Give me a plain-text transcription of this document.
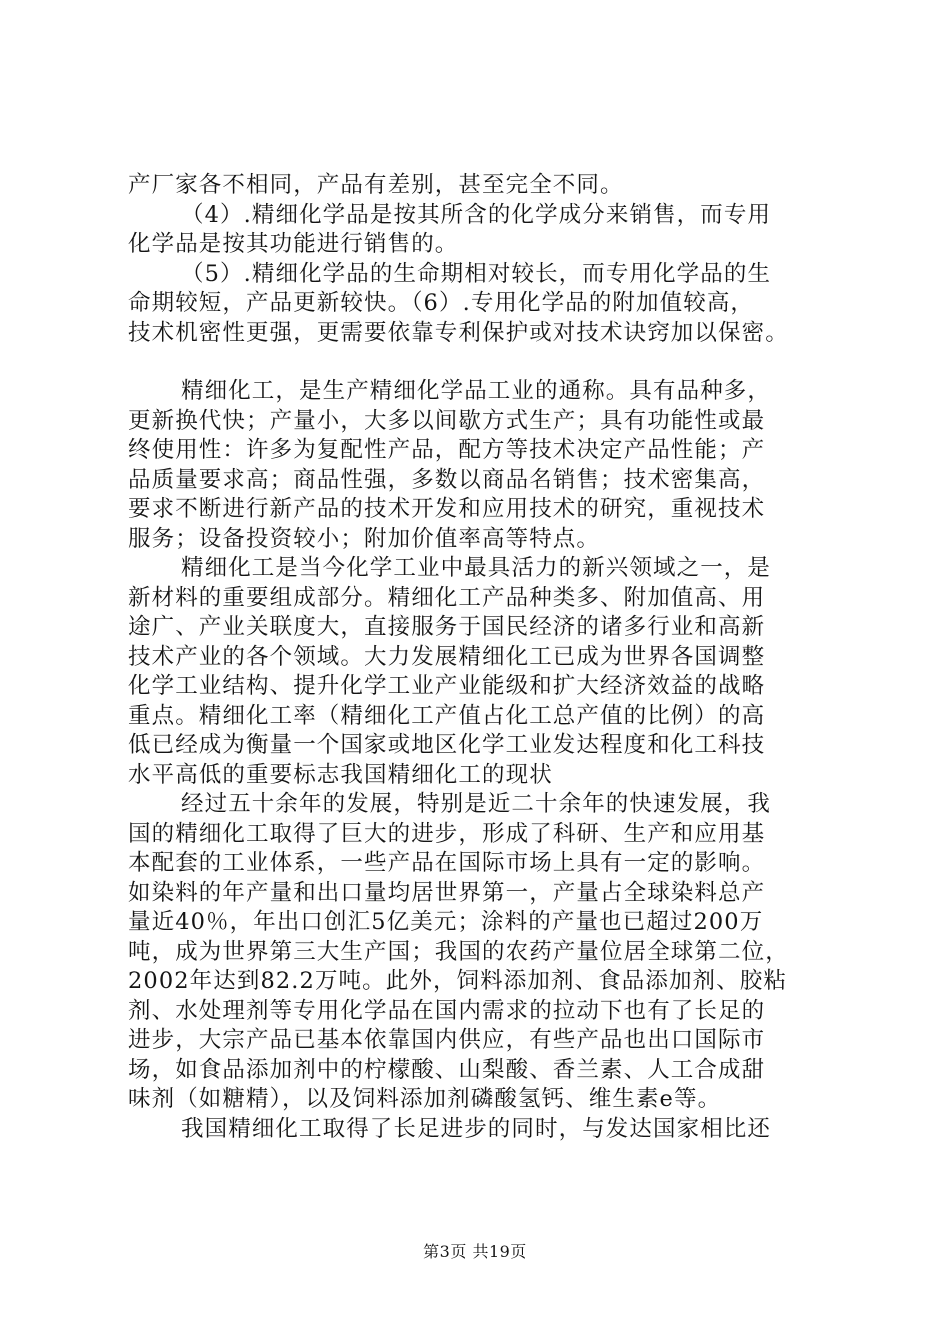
产厂家各不相同，产品有差别，甚至完全不同。
（4）.精细化学品是按其所含的化学成分来销售，而专用
化学品是按其功能进行销售的。
（5）.精细化学品的生命期相对较长，而专用化学品的生
命期较短，产品更新较快。（6）.专用化学品的附加值较高，
技术机密性更强，更需要依靠专利保护或对技术诀窍加以保密。
精细化工，是生产精细化学品工业的通称。具有品种多，
更新换代快；产量小，大多以间歇方式生产；具有功能性或最
终使用性：许多为复配性产品，配方等技术决定产品性能；产
品质量要求高；商品性强，多数以商品名销售；技术密集高，
要求不断进行新产品的技术开发和应用技术的研究，重视技术
服务；设备投资较小；附加价值率高等特点。
精细化工是当今化学工业中最具活力的新兴领域之一，是
新材料的重要组成部分。精细化工产品种类多、附加值高、用
途广、产业关联度大，直接服务于国民经济的诸多行业和高新
技术产业的各个领域。大力发展精细化工已成为世界各国调整
化学工业结构、提升化学工业产业能级和扩大经济效益的战略
重点。精细化工率（精细化工产值占化工总产值的比例）的高
低已经成为衡量一个国家或地区化学工业发达程度和化工科技
水平高低的重要标志我国精细化工的现状
经过五十余年的发展，特别是近二十余年的快速发展，我
国的精细化工取得了巨大的进步，形成了科研、生产和应用基
本配套的工业体系，一些产品在国际市场上具有一定的影响。
如染料的年产量和出口量均居世界第一，产量占全球染料总产
量近40％，年出口创汇5亿美元；涂料的产量也已超过200万
吨，成为世界第三大生产国；我国的农药产量位居全球第二位，
2002年达到82.2万吨。此外，饲料添加剂、食品添加剂、胶粘
剂、水处理剂等专用化学品在国内需求的拉动下也有了长足的
进步，大宗产品已基本依靠国内供应，有些产品也出口国际市
场，如食品添加剂中的柠檬酸、山梨酸、香兰素、人工合成甜
味剂（如糖精），以及饲料添加剂磷酸氢钙、维生素e等。
我国精细化工取得了长足进步的同时，与发达国家相比还
第3页 共19页
